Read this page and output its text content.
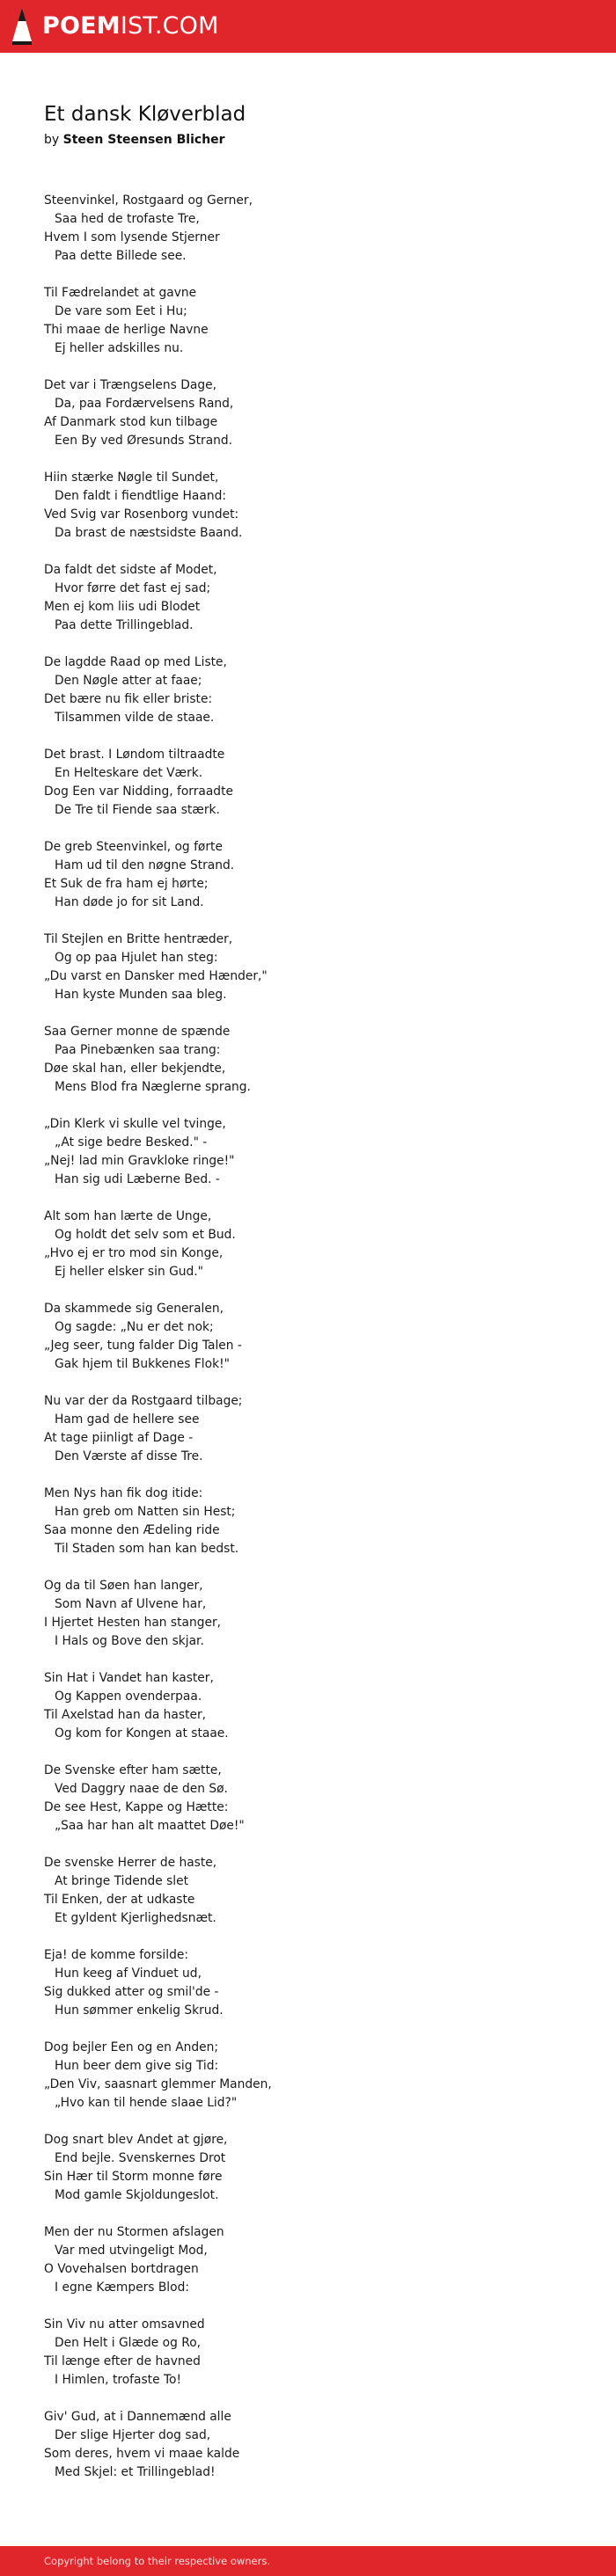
POEMIST.COM
Et dansk Kløverblad
by Steen Steensen Blicher
Steenvinkel, Rostgaard og Gerner,
Saa hed de trofaste Tre,
Hvem I som lysende Stjerner
Paa dette Billede see.
Til Fædrelandet at gavne
De vare som Eet i Hu;
Thi maae de herlige Navne
Ej heller adskilles nu.
Det var i Trængselens Dage,
Da, paa Fordærvelsens Rand,
Af Danmark stod kun tilbage
Een By ved Øresunds Strand.
Hiin stærke Nøgle til Sundet,
Den faldt i fiendtlige Haand:
Ved Svig var Rosenborg vundet:
Da brast de næstsidste Baand.
Da faldt det sidste af Modet,
Hvor førre det fast ej sad;
Men ej kom liis udi Blodet
Paa dette Trillingeblad.
De lagdde Raad op med Liste,
Den Nøgle atter at faae;
Det bære nu fik eller briste:
Tilsammen vilde de staae.
Det brast. I Løndom tiltraadte
En Helteskare det Værk.
Dog Een var Nidding, forraadte
De Tre til Fiende saa stærk.
De greb Steenvinkel, og førte
Ham ud til den nøgne Strand.
Et Suk de fra ham ej hørte;
Han døde jo for sit Land.
Til Stejlen en Britte hentræder,
Og op paa Hjulet han steg:
„Du varst en Dansker med Hænder,"
Han kyste Munden saa bleg.
Saa Gerner monne de spænde
Paa Pinebænken saa trang:
Døe skal han, eller bekjendte,
Mens Blod fra Næglerne sprang.
„Din Klerk vi skulle vel tvinge,
„At sige bedre Besked." -
„Nej! lad min Gravkloke ringe!"
Han sig udi Læberne Bed. -
Alt som han lærte de Unge,
Og holdt det selv som et Bud.
„Hvo ej er tro mod sin Konge,
Ej heller elsker sin Gud."
Da skammede sig Generalen,
Og sagde: „Nu er det nok;
„Jeg seer, tung falder Dig Talen -
Gak hjem til Bukkenes Flok!"
Nu var der da Rostgaard tilbage;
Ham gad de hellere see
At tage piinligt af Dage -
Den Værste af disse Tre.
Men Nys han fik dog itide:
Han greb om Natten sin Hest;
Saa monne den Ædeling ride
Til Staden som han kan bedst.
Og da til Søen han langer,
Som Navn af Ulvene har,
I Hjertet Hesten han stanger,
I Hals og Bove den skjar.
Sin Hat i Vandet han kaster,
Og Kappen ovenderpaa.
Til Axelstad han da haster,
Og kom for Kongen at staae.
De Svenske efter ham sætte,
Ved Daggry naae de den Sø.
De see Hest, Kappe og Hætte:
„Saa har han alt maattet Døe!"
De svenske Herrer de haste,
At bringe Tidende slet
Til Enken, der at udkaste
Et gyldent Kjerlighedsnæt.
Eja! de komme forsilde:
Hun keeg af Vinduet ud,
Sig dukked atter og smil'de -
Hun sømmer enkelig Skrud.
Dog bejler Een og en Anden;
Hun beer dem give sig Tid:
„Den Viv, saasnart glemmer Manden,
„Hvo kan til hende slaae Lid?"
Dog snart blev Andet at gjøre,
End bejle. Svenskernes Drot
Sin Hær til Storm monne føre
Mod gamle Skjoldungeslot.
Men der nu Stormen afslagen
Var med utvingeligt Mod,
O Vovehalsen bortdragen
I egne Kæmpers Blod:
Sin Viv nu atter omsavned
Den Helt i Glæde og Ro,
Til længe efter de havned
I Himlen, trofaste To!
Giv' Gud, at i Dannemænd alle
Der slige Hjerter dog sad,
Som deres, hvem vi maae kalde
Med Skjel: et Trillingeblad!
Copyright belong to their respective owners.
